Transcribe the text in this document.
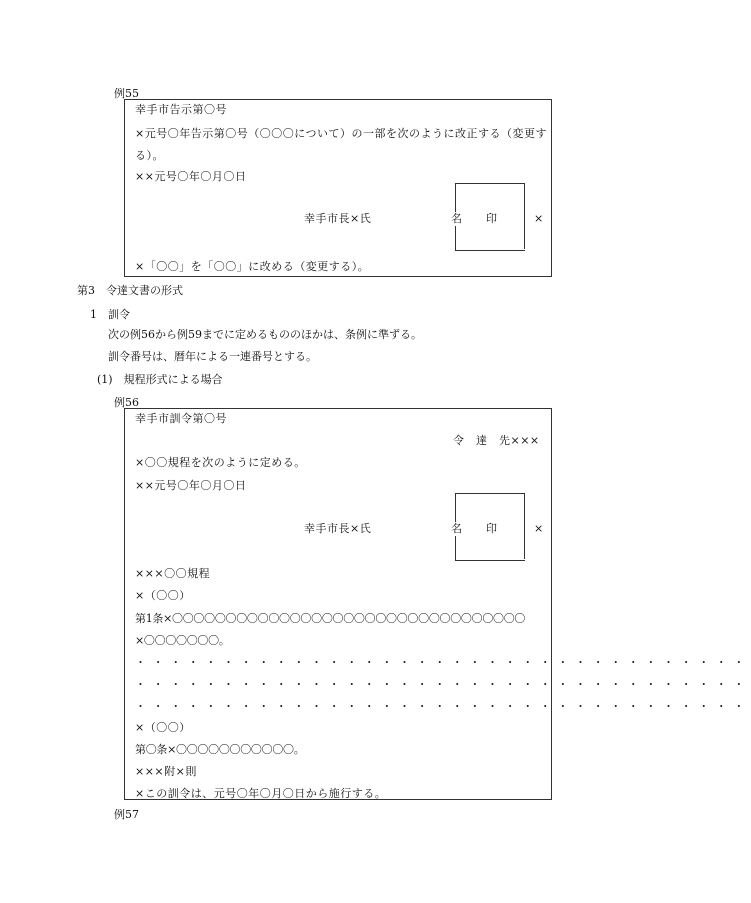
例55
幸手市告示第〇号
×元号〇年告示第〇号（〇〇〇について）の一部を次のように改正する（変更す
る）。
××元号〇年〇月〇日
幸手市長×氏	名 印	×
×「〇〇」を「〇〇」に改める（変更する）。
第3　令達文書の形式
1　訓令
次の例56から例59までに定めるもののほかは、条例に準ずる。
訓令番号は、暦年による一連番号とする。
(1)　規程形式による場合
例56
幸手市訓令第〇号
令　達　先×××
×〇〇規程を次のように定める。
××元号〇年〇月〇日
幸手市長×氏	名 印	×
×××〇〇規程
×（〇〇）
第1条×〇〇〇〇〇〇〇〇〇〇〇〇〇〇〇〇〇〇〇〇〇〇〇〇〇〇〇〇〇〇〇〇〇
×〇〇〇〇〇〇〇。
・・・・・・・・・・・・・・・・・・・・・・・・・・・・・・・・・・・
・・・・・・・・・・・・・・・・・・・・・・・・・・・・・・・・・・・
・・・・・・・・・・・・・・・・・・・・・・・・・・・・・・・・・・・
×（〇〇）
第〇条×〇〇〇〇〇〇〇〇〇〇〇。
×××附×則
×この訓令は、元号〇年〇月〇日から施行する。
例57
